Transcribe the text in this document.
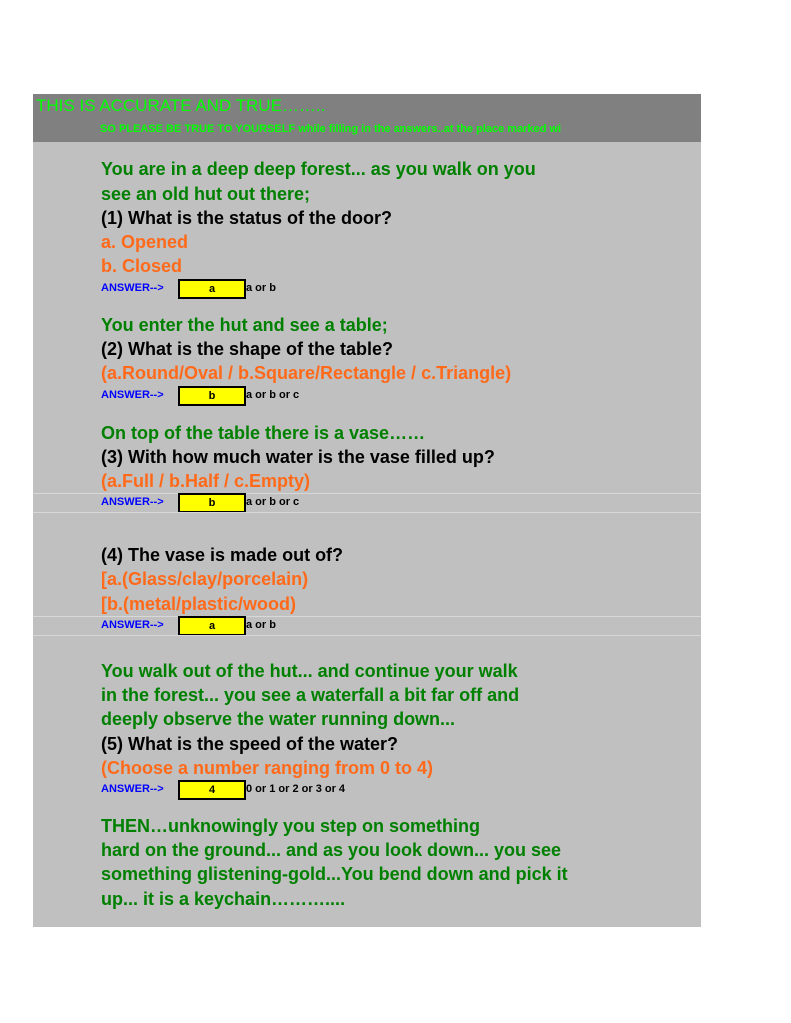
THIS IS ACCURATE AND TRUE……..
SO PLEASE BE TRUE TO YOURSELF while filling in the answers..at the place marked wi
You are in a deep deep forest... as you walk on you
see an old hut out there;
(1) What is the status of the door?
a. Opened
b. Closed
ANSWER-->	a	a or b
You enter the hut and see a table;
(2) What is the shape of the table?
(a.Round/Oval / b.Square/Rectangle / c.Triangle)
ANSWER-->	b	a or b or c
On top of the table there is a vase……
(3) With how much water is the vase filled up?
(a.Full / b.Half / c.Empty)
ANSWER-->	b	a or b or c
(4) The vase is made out of?
[a.(Glass/clay/porcelain)
[b.(metal/plastic/wood)
ANSWER-->	a	a or b
You walk out of the hut... and continue your walk
in the forest... you see a waterfall a bit far off and
deeply observe the water running down...
(5) What is the speed of the water?
(Choose a number ranging from 0 to 4)
ANSWER-->	4	0 or 1 or 2 or 3 or 4
THEN…unknowingly you step on something
hard on the ground... and as you look down... you see
something glistening-gold...You bend down and pick it
up... it is a keychain………....
